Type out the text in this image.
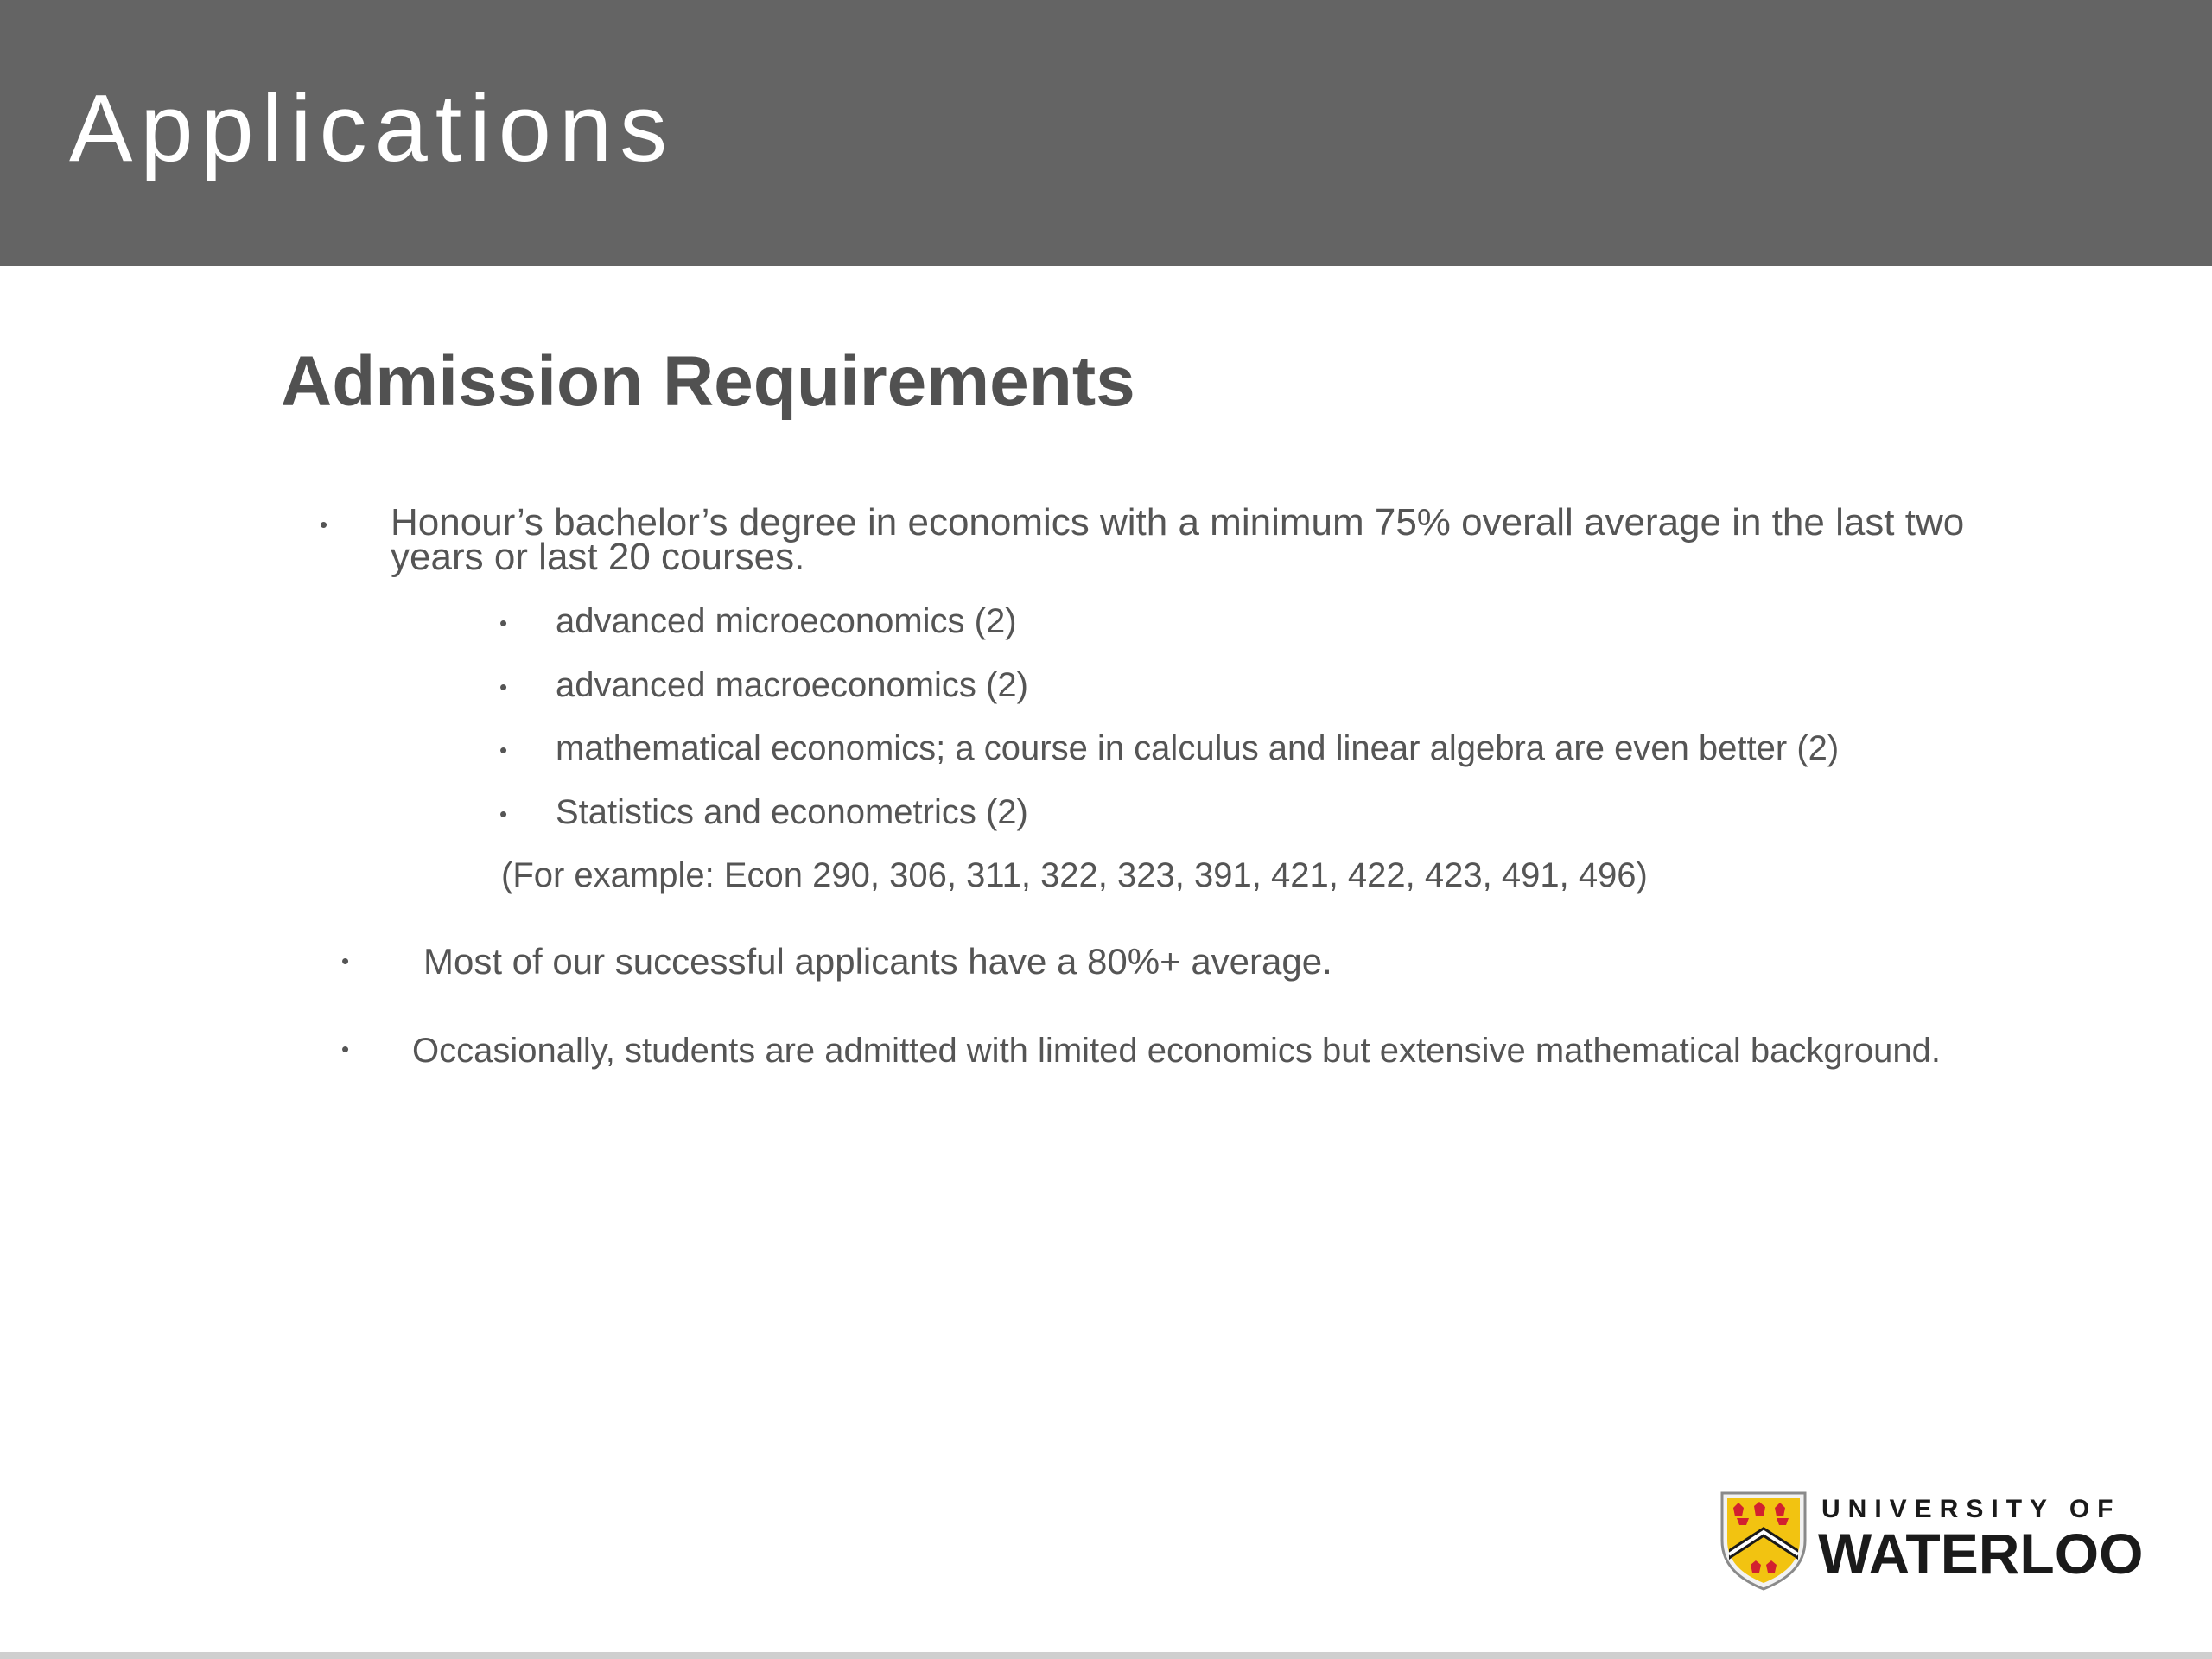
Applications
Admission Requirements
• Honour’s bachelor’s degree in economics with a minimum 75% overall average in the last two
years or last 20 courses.
• advanced microeconomics (2)
• advanced macroeconomics (2)
• mathematical economics; a course in calculus and linear algebra are even better (2)
• Statistics and econometrics (2)
(For example: Econ 290, 306, 311, 322, 323, 391, 421, 422, 423, 491, 496)
• Most of our successful applicants have a 80%+ average.
• Occasionally, students are admitted with limited economics but extensive mathematical background.
UNIVERSITY OF
WATERLOO
